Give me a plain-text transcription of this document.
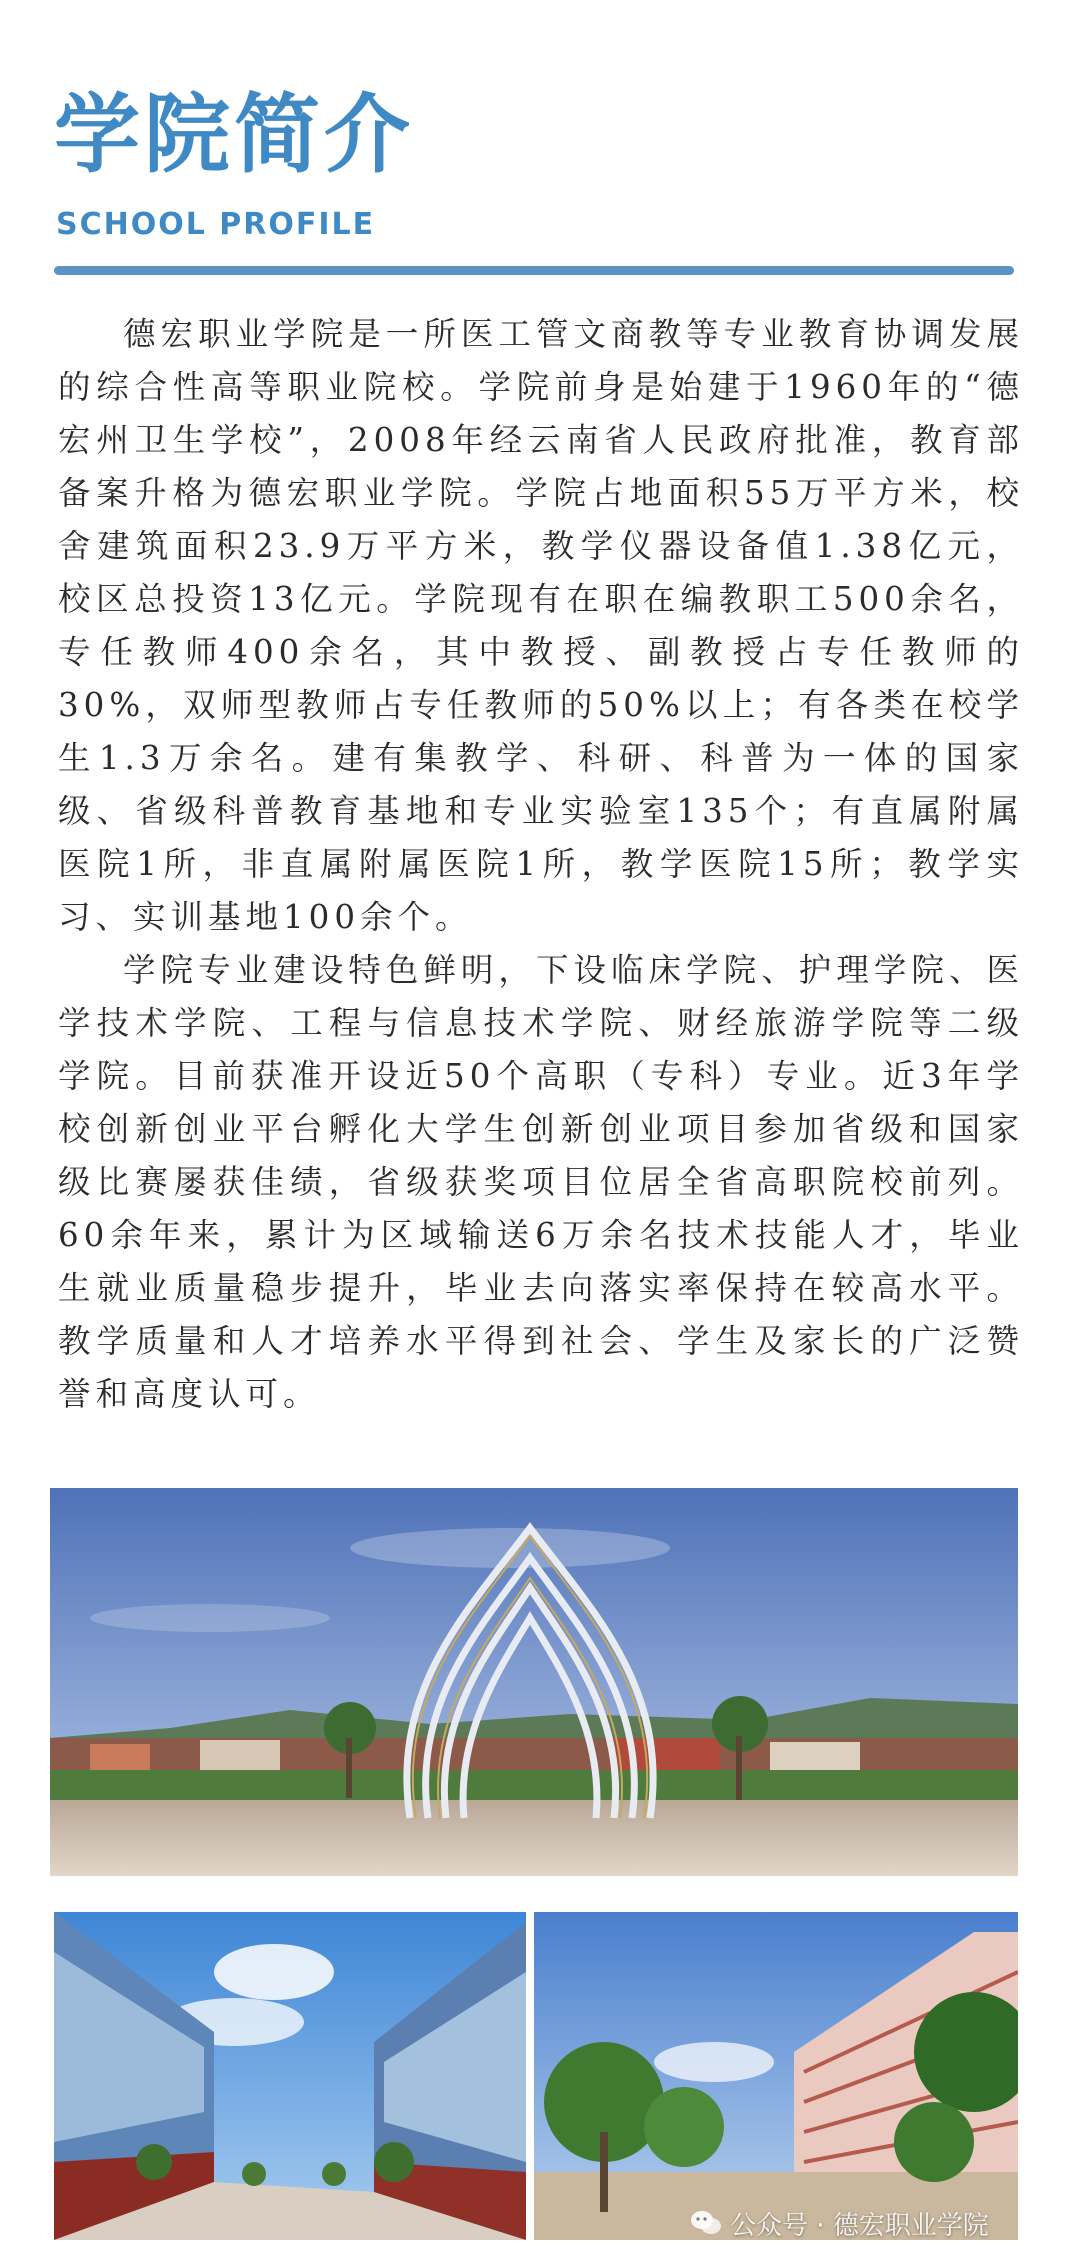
学院简介
SCHOOL PROFILE

德宏职业学院是一所医工管文商教等专业教育协调发展的综合性高等职业院校。学院前身是始建于1960年的“德宏州卫生学校”，2008年经云南省人民政府批准，教育部备案升格为德宏职业学院。学院占地面积55万平方米，校舍建筑面积23.9万平方米，教学仪器设备值1.38亿元，校区总投资13亿元。学院现有在职在编教职工500余名，专任教师400余名，其中教授、副教授占专任教师的30%，双师型教师占专任教师的50%以上；有各类在校学生1.3万余名。建有集教学、科研、科普为一体的国家级、省级科普教育基地和专业实验室135个；有直属附属医院1所，非直属附属医院1所，教学医院15所；教学实习、实训基地100余个。

学院专业建设特色鲜明，下设临床学院、护理学院、医学技术学院、工程与信息技术学院、财经旅游学院等二级学院。目前获准开设近50个高职（专科）专业。近3年学校创新创业平台孵化大学生创新创业项目参加省级和国家级比赛屡获佳绩，省级获奖项目位居全省高职院校前列。60余年来，累计为区域输送6万余名技术技能人才，毕业生就业质量稳步提升，毕业去向落实率保持在较高水平。教学质量和人才培养水平得到社会、学生及家长的广泛赞誉和高度认可。

公众号 · 德宏职业学院
